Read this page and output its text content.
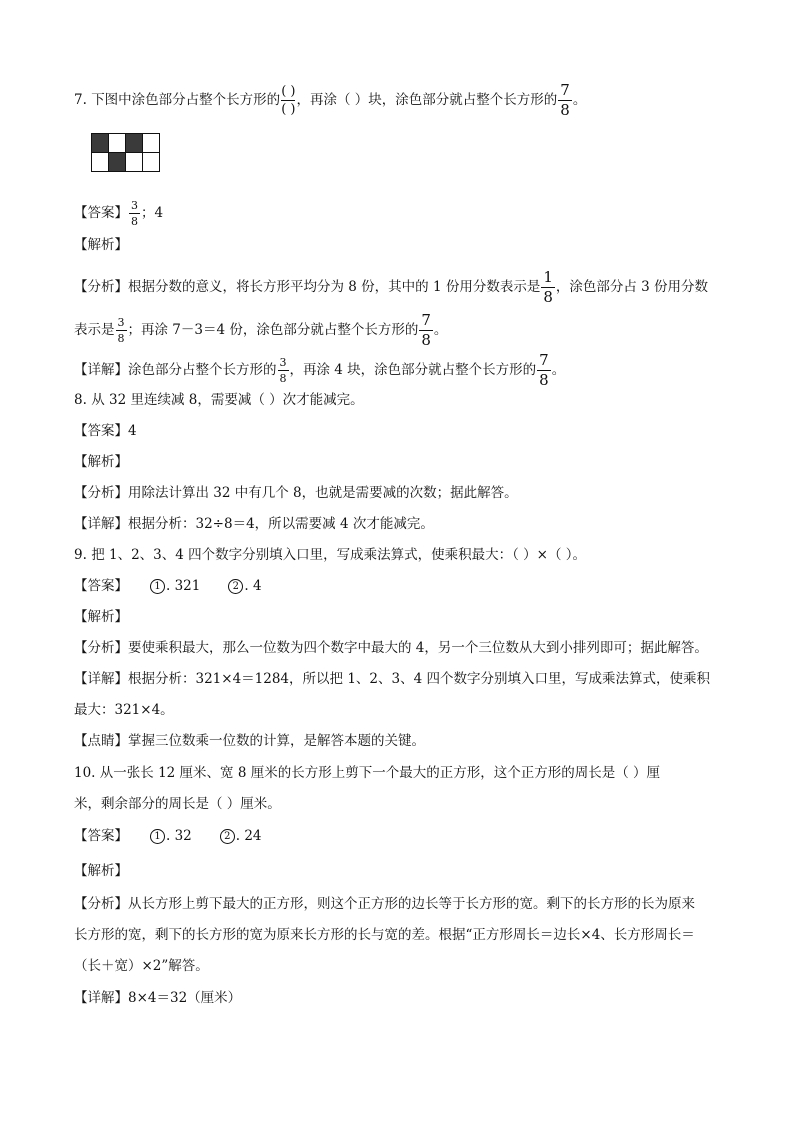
7. 下图中涂色部分占整个长方形的 $\frac{( )}{( )}$ ，再涂（ ）块，涂色部分就占整个长方形的 $\frac{7}{8}$ 。

【答案】 $\frac{3}{8}$ ；4
【解析】
【分析】根据分数的意义，将长方形平均分为 8 份，其中的 1 份用分数表示是 $\frac{1}{8}$ ，涂色部分占 3 份用分数
表示是 $\frac{3}{8}$ ；再涂 7－3＝4 份，涂色部分就占整个长方形的 $\frac{7}{8}$ 。
【详解】涂色部分占整个长方形的 $\frac{3}{8}$ ，再涂 4 块，涂色部分就占整个长方形的 $\frac{7}{8}$ 。
8. 从 32 里连续减 8，需要减（ ）次才能减完。
【答案】4
【解析】
【分析】用除法计算出 32 中有几个 8，也就是需要减的次数；据此解答。
【详解】根据分析：32÷8＝4，所以需要减 4 次才能减完。
9. 把 1、2、3、4 四个数字分别填入口里，写成乘法算式，使乘积最大：（ ）×（ ）。
【答案】	1 . 321	2 . 4
【解析】
【分析】要使乘积最大，那么一位数为四个数字中最大的 4，另一个三位数从大到小排列即可；据此解答。
【详解】根据分析：321×4＝1284，所以把 1、2、3、4 四个数字分别填入口里，写成乘法算式，使乘积
最大：321×4。
【点睛】掌握三位数乘一位数的计算，是解答本题的关键。
10. 从一张长 12 厘米、宽 8 厘米的长方形上剪下一个最大的正方形，这个正方形的周长是（ ）厘
米，剩余部分的周长是（ ）厘米。
【答案】	1 . 32	2 . 24
【解析】
【分析】从长方形上剪下最大的正方形，则这个正方形的边长等于长方形的宽。剩下的长方形的长为原来
长方形的宽，剩下的长方形的宽为原来长方形的长与宽的差。根据“正方形周长＝边长×4、长方形周长＝
（长＋宽）×2”解答。
【详解】8×4＝32（厘米）
